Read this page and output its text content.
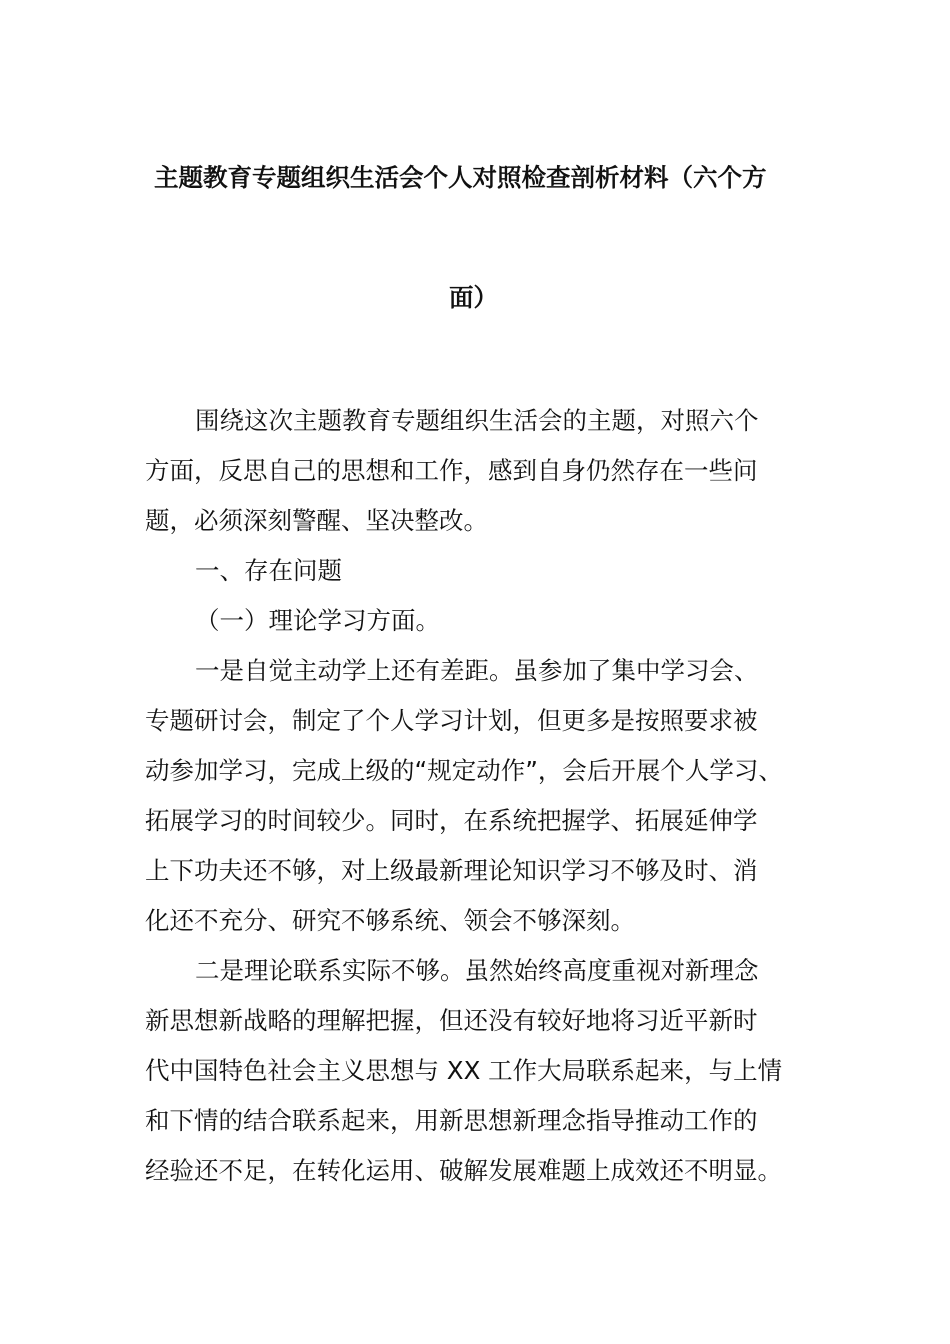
主题教育专题组织生活会个人对照检查剖析材料（六个方
面）

围绕这次主题教育专题组织生活会的主题，对照六个

方面，反思自己的思想和工作，感到自身仍然存在一些问

题，必须深刻警醒、坚决整改。

一、存在问题

（一）理论学习方面。

一是自觉主动学上还有差距。虽参加了集中学习会、

专题研讨会，制定了个人学习计划，但更多是按照要求被

动参加学习，完成上级的“规定动作”，会后开展个人学习、

拓展学习的时间较少。同时，在系统把握学、拓展延伸学

上下功夫还不够，对上级最新理论知识学习不够及时、消

化还不充分、研究不够系统、领会不够深刻。

二是理论联系实际不够。虽然始终高度重视对新理念

新思想新战略的理解把握，但还没有较好地将习近平新时

代中国特色社会主义思想与 XX 工作大局联系起来，与上情

和下情的结合联系起来，用新思想新理念指导推动工作的

经验还不足，在转化运用、破解发展难题上成效还不明显。
